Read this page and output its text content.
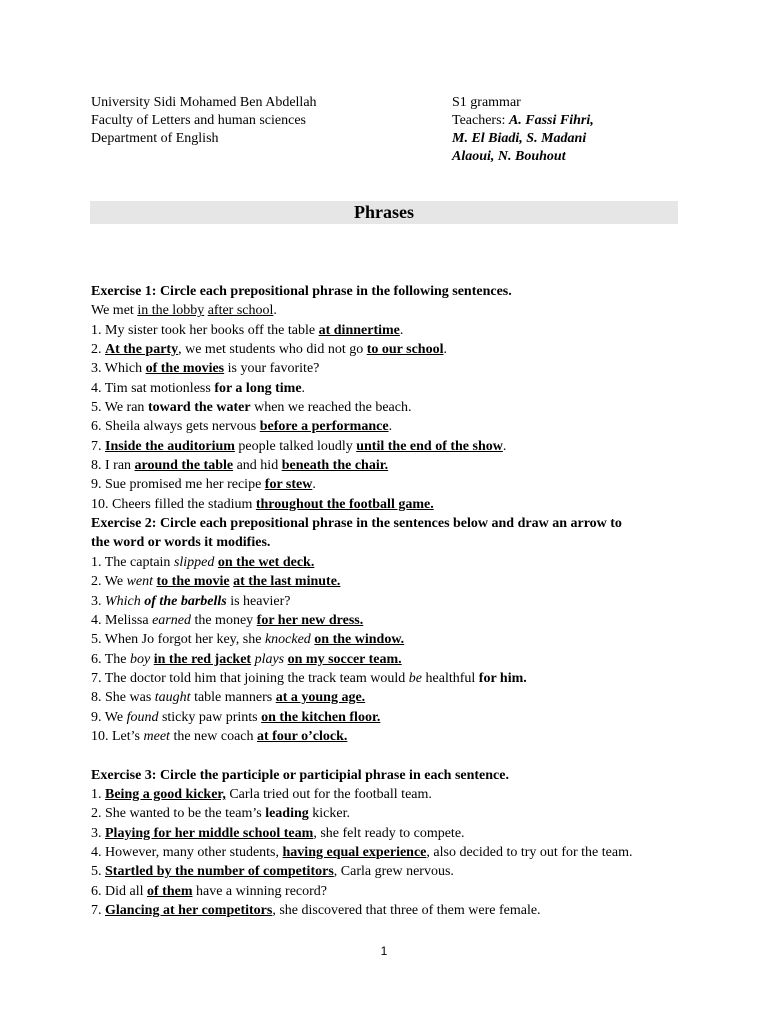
University Sidi Mohamed Ben Abdellah
Faculty of Letters and human sciences
Department of English
S1 grammar
Teachers: A. Fassi Fihri,
M. El Biadi, S. Madani
Alaoui, N. Bouhout
Phrases
Exercise 1: Circle each prepositional phrase in the following sentences.
We met in the lobby after school.
1. My sister took her books off the table at dinnertime.
2. At the party, we met students who did not go to our school.
3. Which of the movies is your favorite?
4. Tim sat motionless for a long time.
5. We ran toward the water when we reached the beach.
6. Sheila always gets nervous before a performance.
7. Inside the auditorium people talked loudly until the end of the show.
8. I ran around the table and hid beneath the chair.
9. Sue promised me her recipe for stew.
10. Cheers filled the stadium throughout the football game.
Exercise 2: Circle each prepositional phrase in the sentences below and draw an arrow to
the word or words it modifies.
1. The captain slipped on the wet deck.
2. We went to the movie at the last minute.
3. Which of the barbells is heavier?
4. Melissa earned the money for her new dress.
5. When Jo forgot her key, she knocked on the window.
6. The boy in the red jacket plays on my soccer team.
7. The doctor told him that joining the track team would be healthful for him.
8. She was taught table manners at a young age.
9. We found sticky paw prints on the kitchen floor.
10. Let’s meet the new coach at four o’clock.
Exercise 3: Circle the participle or participial phrase in each sentence.
1. Being a good kicker, Carla tried out for the football team.
2. She wanted to be the team’s leading kicker.
3. Playing for her middle school team, she felt ready to compete.
4. However, many other students, having equal experience, also decided to try out for the team.
5. Startled by the number of competitors, Carla grew nervous.
6. Did all of them have a winning record?
7. Glancing at her competitors, she discovered that three of them were female.
1
